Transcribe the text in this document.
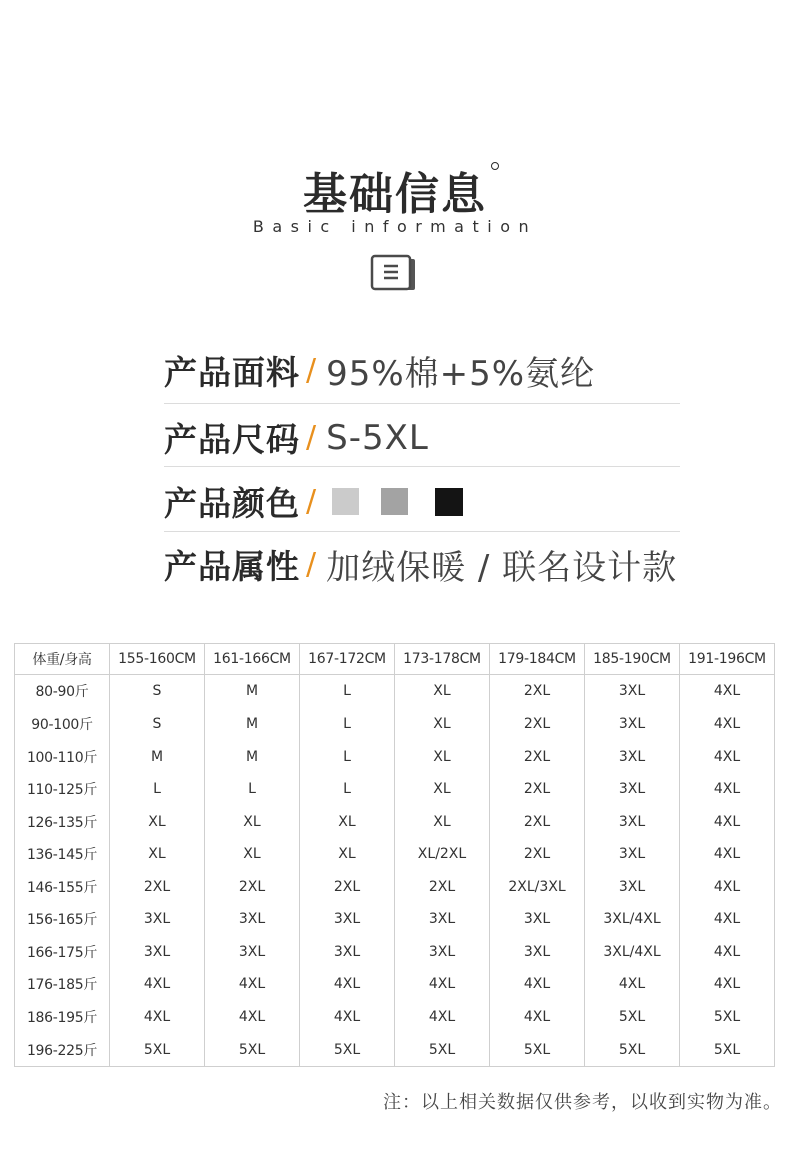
基础信息
Basic information
产品面料 / 95%棉+5%氨纶
产品尺码 / S-5XL
产品颜色 /
产品属性 / 加绒保暖 / 联名设计款
体重/身高	155-160CM	161-166CM	167-172CM	173-178CM	179-184CM	185-190CM	191-196CM
80-90斤	S	M	L	XL	2XL	3XL	4XL
90-100斤	S	M	L	XL	2XL	3XL	4XL
100-110斤	M	M	L	XL	2XL	3XL	4XL
110-125斤	L	L	L	XL	2XL	3XL	4XL
126-135斤	XL	XL	XL	XL	2XL	3XL	4XL
136-145斤	XL	XL	XL	XL/2XL	2XL	3XL	4XL
146-155斤	2XL	2XL	2XL	2XL	2XL/3XL	3XL	4XL
156-165斤	3XL	3XL	3XL	3XL	3XL	3XL/4XL	4XL
166-175斤	3XL	3XL	3XL	3XL	3XL	3XL/4XL	4XL
176-185斤	4XL	4XL	4XL	4XL	4XL	4XL	4XL
186-195斤	4XL	4XL	4XL	4XL	4XL	5XL	5XL
196-225斤	5XL	5XL	5XL	5XL	5XL	5XL	5XL
注：以上相关数据仅供参考，以收到实物为准。
